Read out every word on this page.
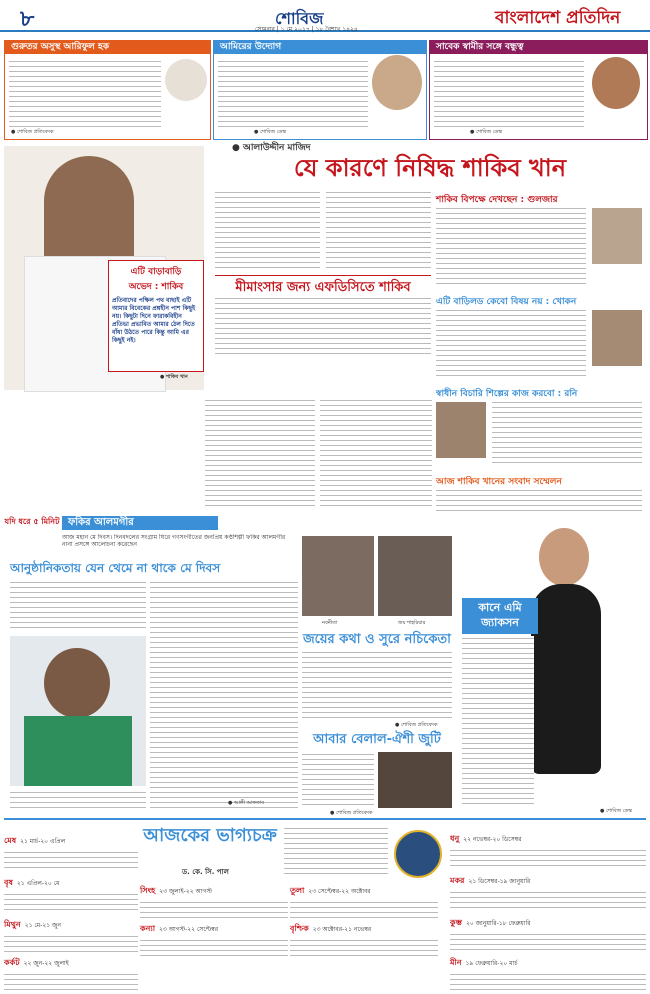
৮	শোবিজ	বাংলাদেশ প্রতিদিন
সোমবার | ১ মে ২০১৭ | ১৮ বৈশাখ ১৪২৪
গুরুতর অসুস্থ আরিফুল হক
● শোবিজ প্রতিবেদক
আমিরের উদ্যোগ
● শোবিজ ডেস্ক
সাবেক স্বামীর সঙ্গে বন্ধুত্ব
● শোবিজ ডেস্ক
এটি বাড়াবাড়ি
অভেদ : শাকিব
প্রতিবাদের পক্ষিল পথ বাছাই এটি আমার বিবেকের প্রশ্নহীন পাশ কিছুই নয়। কিছুটা দিনে ফারাকবিহীন প্রতিভা প্রভাবিত আমার ঠেল দিতে বাঁধা উঠতে পারে কিন্তু আমি এর কিছুই নই।
● শাকিব খান
● আলাউদ্দীন মাজিদ
যে কারণে নিষিদ্ধ শাকিব খান
মীমাংসার জন্য এফডিসিতে শাকিব
শাকিব বিপক্ষে দেখছেন : গুলজার
এটি বাড়িলড কেবো বিষয় নয় : খোকন
স্বাধীন বিচারি শিল্পের কাজ করবো : রনি
আজ শাকিব খানের সংবাদ সম্মেলন
যদি ধরে ৫ মিনিট ফকির আলমগীর
আজ মহান মে দিবস। দিনবদলের সংগ্রাম ঘিরে গণসংগীতের জনপ্রিয় কণ্ঠশিল্পী ফকির আলমগীর নানা প্রসঙ্গে আলোচনা করেছেন
আনুষ্ঠানিকতায় যেন থেমে না থাকে মে দিবস
● আলী আফতাব
নবনীতা	জয় শাহরিয়ার
জয়ের কথা ও সুরে নচিকেতা
● শোবিজ প্রতিবেদক
আবার বেলাল-ঐশী জুটি
● শোবিজ প্রতিবেদক
কানে এমি জ্যাকসন
● শোবিজ ডেস্ক
আজকের ভাগ্যচক্র
ড. কে. সি. পাল
মেষ ২১ মার্চ-২০ এপ্রিল
বৃষ ২১ এপ্রিল-২০ মে
মিথুন ২১ মে-২১ জুন
কর্কট ২২ জুন-২২ জুলাই
সিংহ ২৩ জুলাই-২২ আগস্ট
কন্যা ২৩ আগস্ট-২২ সেপ্টেম্বর
তুলা ২৩ সেপ্টেম্বর-২২ অক্টোবর
বৃশ্চিক ২৩ অক্টোবর-২১ নভেম্বর
ধনু ২২ নভেম্বর-২০ ডিসেম্বর
মকর ২১ ডিসেম্বর-১৯ জানুয়ারি
কুম্ভ ২০ জানুয়ারি-১৮ ফেব্রুয়ারি
মীন ১৯ ফেব্রুয়ারি-২০ মার্চ
